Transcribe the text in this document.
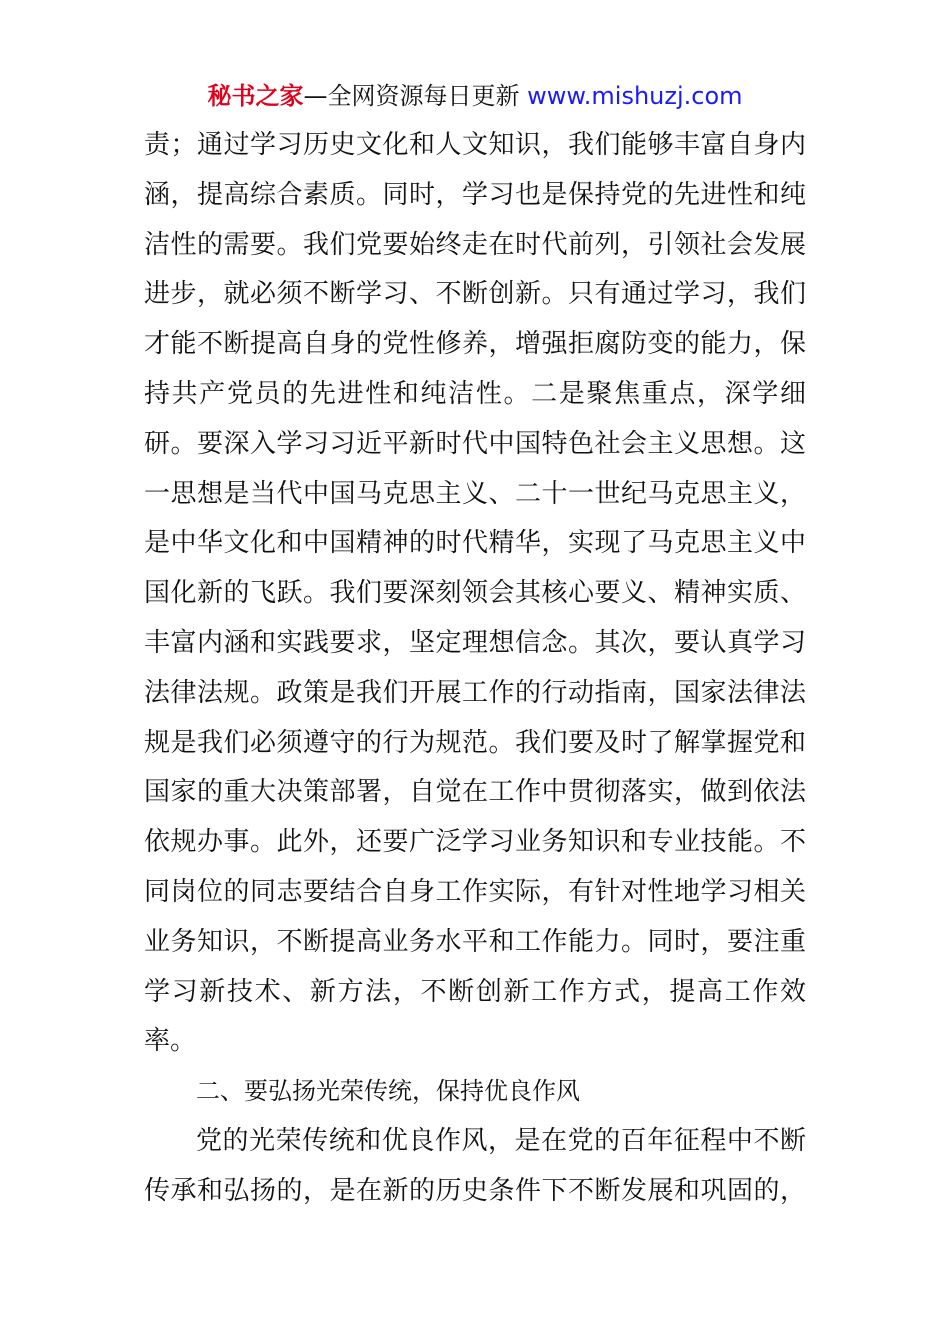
秘书之家—全网资源每日更新 www.mishuzj.com
责；通过学习历史文化和人文知识，我们能够丰富自身内
涵，提高综合素质。同时，学习也是保持党的先进性和纯
洁性的需要。我们党要始终走在时代前列，引领社会发展
进步，就必须不断学习、不断创新。只有通过学习，我们
才能不断提高自身的党性修养，增强拒腐防变的能力，保
持共产党员的先进性和纯洁性。二是聚焦重点，深学细
研。要深入学习习近平新时代中国特色社会主义思想。这
一思想是当代中国马克思主义、二十一世纪马克思主义，
是中华文化和中国精神的时代精华，实现了马克思主义中
国化新的飞跃。我们要深刻领会其核心要义、精神实质、
丰富内涵和实践要求，坚定理想信念。其次，要认真学习
法律法规。政策是我们开展工作的行动指南，国家法律法
规是我们必须遵守的行为规范。我们要及时了解掌握党和
国家的重大决策部署，自觉在工作中贯彻落实，做到依法
依规办事。此外，还要广泛学习业务知识和专业技能。不
同岗位的同志要结合自身工作实际，有针对性地学习相关
业务知识，不断提高业务水平和工作能力。同时，要注重
学习新技术、新方法，不断创新工作方式，提高工作效
率。
二、要弘扬光荣传统，保持优良作风
党的光荣传统和优良作风，是在党的百年征程中不断
传承和弘扬的，是在新的历史条件下不断发展和巩固的，
